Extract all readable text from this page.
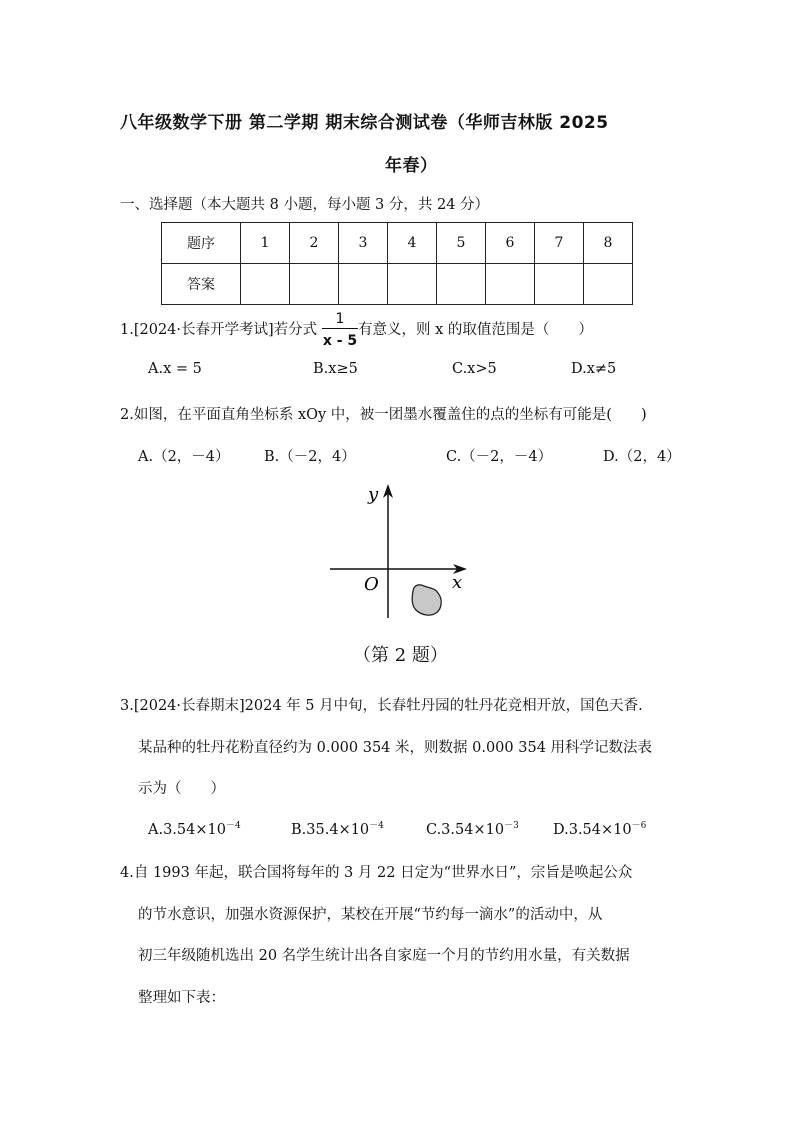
八年级数学下册 第二学期 期末综合测试卷（华师吉林版 2025
年春）
一、选择题（本大题共 8 小题，每小题 3 分，共 24 分）
题序	1	2	3	4	5	6	7	8
答案								
1.[2024·长春开学考试]若分式
1
x - 5
有意义，则 x 的取值范围是（　　）
A.x = 5	B.x≥5	C.x>5	D.x≠5
2.如图，在平面直角坐标系 xOy 中，被一团墨水覆盖住的点的坐标有可能是(　　)
A.（2，－4） B.（－2，4）	C.（－2，－4）	D.（2，4）
y
x
O
（第 2 题）
3.[2024·长春期末]2024 年 5 月中旬，长春牡丹园的牡丹花竞相开放，国色天香.
某品种的牡丹花粉直径约为 0.000 354 米，则数据 0.000 354 用科学记数法表
示为（　　）
$A.3.54\times 10^{-4}$	$B.35.4\times 10^{-4}$	$C.3.54\times 10^{-3}$ $D.3.54\times 10^{-6}$
4.自 1993 年起，联合国将每年的 3 月 22 日定为“世界水日”，宗旨是唤起公众
的节水意识，加强水资源保护，某校在开展“节约每一滴水”的活动中，从
初三年级随机选出 20 名学生统计出各自家庭一个月的节约用水量，有关数据
整理如下表：
